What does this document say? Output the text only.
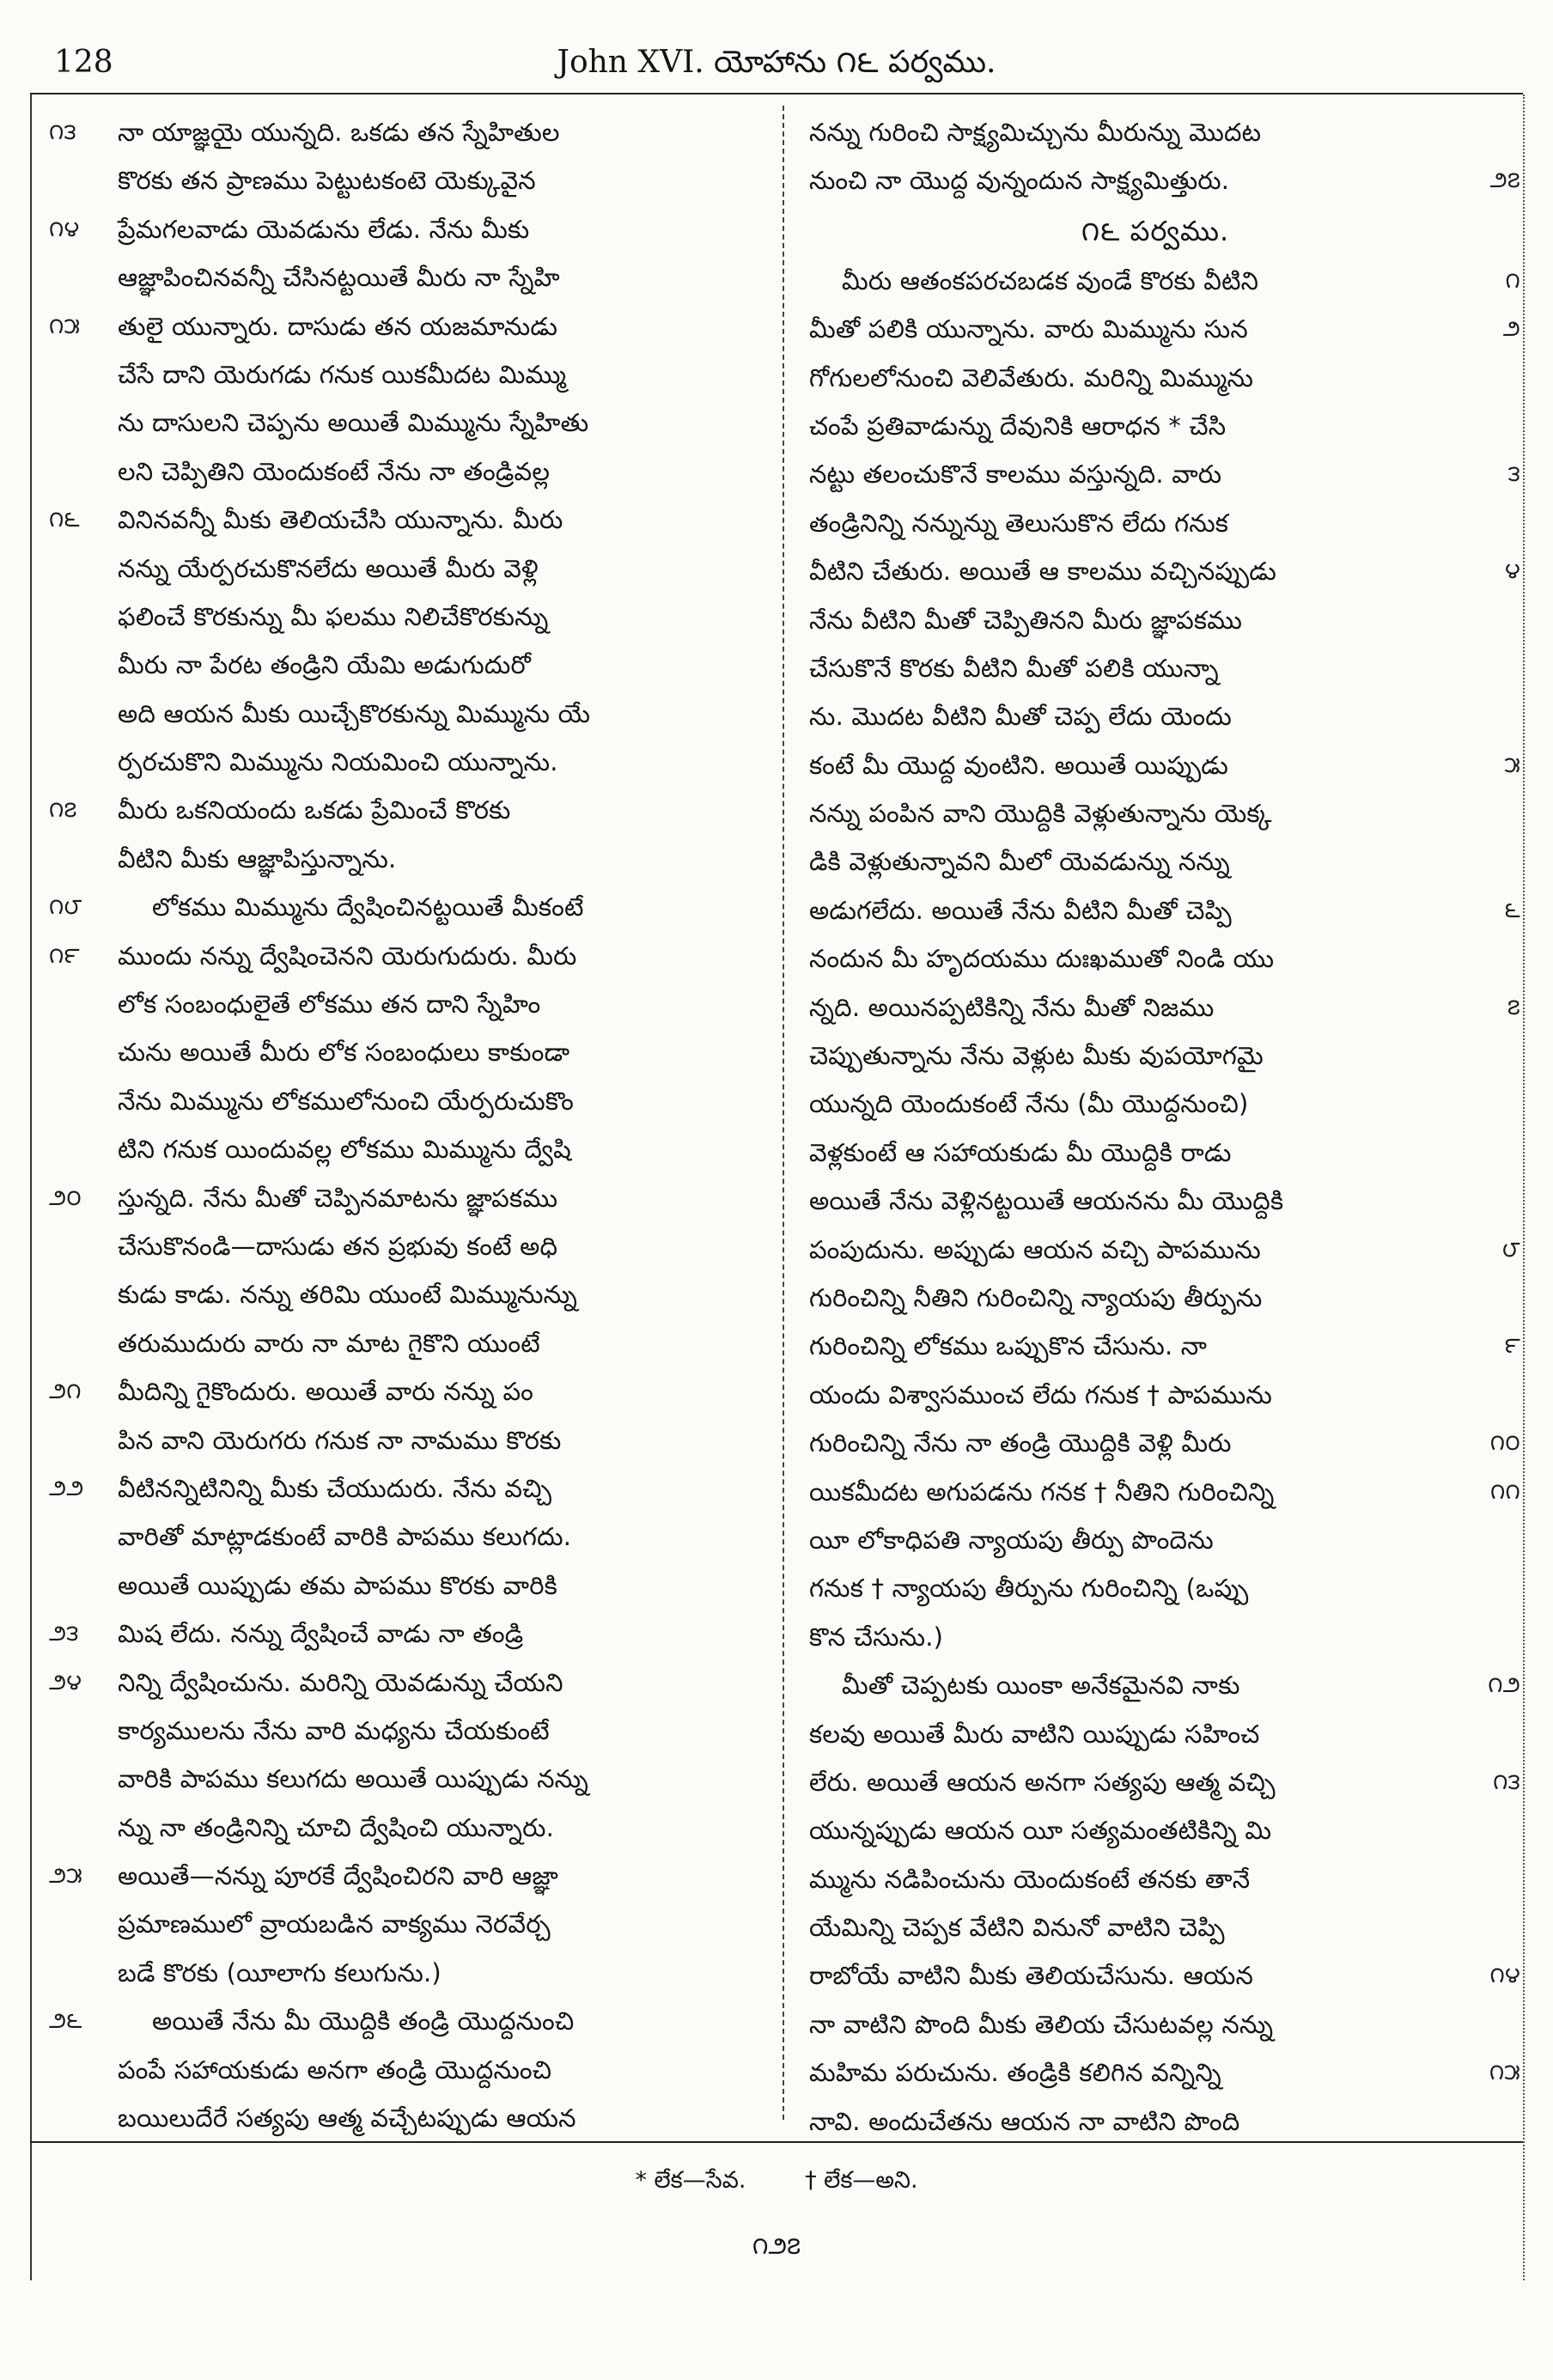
128	John XVI. యోహాను ౧౬ పర్వము.
౧౩	నా యాజ్ఞయై యున్నది. ఒకడు తన స్నేహితుల
కొరకు తన ప్రాణము పెట్టుటకంటె యెక్కువైన
౧౪	ప్రేమగలవాడు యెవడును లేడు. నేను మీకు
ఆజ్ఞాపించినవన్నీ చేసినట్టయితే మీరు నా స్నేహి
౧౫	తులై యున్నారు. దాసుడు తన యజమానుడు
చేసే దాని యెరుగడు గనుక యికమీదట మిమ్ము
ను దాసులని చెప్పను అయితే మిమ్మును స్నేహితు
లని చెప్పితిని యెందుకంటే నేను నా తండ్రివల్ల
౧౬	వినినవన్నీ మీకు తెలియచేసి యున్నాను. మీరు
నన్ను యేర్పరచుకొనలేదు అయితే మీరు వెళ్లి
ఫలించే కొరకున్ను మీ ఫలము నిలిచేకొరకున్ను
మీరు నా పేరట తండ్రిని యేమి అడుగుదురో
అది ఆయన మీకు యిచ్చేకొరకున్ను మిమ్మును యే
ర్పరచుకొని మిమ్మును నియమించి యున్నాను.
౧౭	మీరు ఒకనియందు ఒకడు ప్రేమించే కొరకు
వీటిని మీకు ఆజ్ఞాపిస్తున్నాను.
౧౮	లోకము మిమ్మును ద్వేషించినట్టయితే మీకంటే
౧౯	ముందు నన్ను ద్వేషించెనని యెరుగుదురు. మీరు
లోక సంబంధులైతే లోకము తన దాని స్నేహిం
చును అయితే మీరు లోక సంబంధులు కాకుండా
నేను మిమ్మును లోకములోనుంచి యేర్పరుచుకొం
టిని గనుక యిందువల్ల లోకము మిమ్మును ద్వేషి
౨౦	స్తున్నది. నేను మీతో చెప్పినమాటను జ్ఞాపకము
చేసుకొనండి—దాసుడు తన ప్రభువు కంటే అధి
కుడు కాడు. నన్ను తరిమి యుంటే మిమ్మునున్ను
తరుముదురు వారు నా మాట గైకొని యుంటే
౨౧	మీదిన్ని గైకొందురు. అయితే వారు నన్ను పం
పిన వాని యెరుగరు గనుక నా నామము కొరకు
౨౨	వీటినన్నిటినిన్ని మీకు చేయుదురు. నేను వచ్చి
వారితో మాట్లాడకుంటే వారికి పాపము కలుగదు.
అయితే యిప్పుడు తమ పాపము కొరకు వారికి
౨౩	మిష లేదు. నన్ను ద్వేషించే వాడు నా తండ్రి
౨౪	నిన్ని ద్వేషించును. మరిన్ని యెవడున్ను చేయని
కార్యములను నేను వారి మధ్యను చేయకుంటే
వారికి పాపము కలుగదు అయితే యిప్పుడు నన్ను
న్ను నా తండ్రినిన్ని చూచి ద్వేషించి యున్నారు.
౨౫	అయితే—నన్ను పూరకే ద్వేషించిరని వారి ఆజ్ఞా
ప్రమాణములో వ్రాయబడిన వాక్యము నెరవేర్చ
బడే కొరకు (యీలాగు కలుగును.)
౨౬	అయితే నేను మీ యొద్దికి తండ్రి యొద్దనుంచి
పంపే సహాయకుడు అనగా తండ్రి యొద్దనుంచి
బయిలుదేరే సత్యపు ఆత్మ వచ్చేటప్పుడు ఆయన
నన్ను గురించి సాక్ష్యమిచ్చును మీరున్ను మొదట
౨౭
నుంచి నా యొద్ద వున్నందున సాక్ష్యమిత్తురు.
౧౬ పర్వము.
౧
మీరు ఆతంకపరచబడక వుండే కొరకు వీటిని
౨
మీతో పలికి యున్నాను. వారు మిమ్మును సున
గోగులలోనుంచి వెలివేతురు. మరిన్ని మిమ్మును
చంపే ప్రతివాడున్ను దేవునికి ఆరాధన * చేసి
౩
నట్టు తలంచుకొనే కాలము వస్తున్నది. వారు
తండ్రినిన్ని నన్నున్ను తెలుసుకొన లేదు గనుక
౪
వీటిని చేతురు. అయితే ఆ కాలము వచ్చినప్పుడు
నేను వీటిని మీతో చెప్పితినని మీరు జ్ఞాపకము
చేసుకొనే కొరకు వీటిని మీతో పలికి యున్నా
ను. మొదట వీటిని మీతో చెప్ప లేదు యెందు
౫
కంటే మీ యొద్ద వుంటిని. అయితే యిప్పుడు
నన్ను పంపిన వాని యొద్దికి వెళ్లుతున్నాను యెక్క
డికి వెళ్లుతున్నావని మీలో యెవడున్ను నన్ను
౬
అడుగలేదు. అయితే నేను వీటిని మీతో చెప్పి
నందున మీ హృదయము దుఃఖముతో నిండి యు
౭
న్నది. అయినప్పటికిన్ని నేను మీతో నిజము
చెప్పుతున్నాను నేను వెళ్లుట మీకు వుపయోగమై
యున్నది యెందుకంటే నేను (మీ యొద్దనుంచి)
వెళ్లకుంటే ఆ సహాయకుడు మీ యొద్దికి రాడు
అయితే నేను వెళ్లినట్టయితే ఆయనను మీ యొద్దికి
౮
పంపుదును. అప్పుడు ఆయన వచ్చి పాపమును
గురించిన్ని నీతిని గురించిన్ని న్యాయపు తీర్పును
౯
గురించిన్ని లోకము ఒప్పుకొన చేసును. నా
యందు విశ్వాసముంచ లేదు గనుక † పాపమును
౧౦
గురించిన్ని నేను నా తండ్రి యొద్దికి వెళ్లి మీరు
౧౧
యికమీదట అగుపడను గనక † నీతిని గురించిన్ని
యీ లోకాధిపతి న్యాయపు తీర్పు పొందెను
గనుక † న్యాయపు తీర్పును గురించిన్ని (ఒప్పు
కొన చేసును.)
౧౨
మీతో చెప్పటకు యింకా అనేకమైనవి నాకు
కలవు అయితే మీరు వాటిని యిప్పుడు సహించ
౧౩
లేరు. అయితే ఆయన అనగా సత్యపు ఆత్మ వచ్చి
యున్నప్పుడు ఆయన యీ సత్యమంతటికిన్ని మి
మ్మును నడిపించును యెందుకంటే తనకు తానే
యేమిన్ని చెప్పక వేటిని వినునో వాటిని చెప్పి
౧౪
రాబోయే వాటిని మీకు తెలియచేసును. ఆయన
నా వాటిని పొంది మీకు తెలియ చేసుటవల్ల నన్ను
౧౫
మహిమ పరుచును. తండ్రికి కలిగిన వన్నిన్ని
నావి. అందుచేతను ఆయన నా వాటిని పొంది
* లేక—సేవ.	† లేక—అని.
౧౨౭
